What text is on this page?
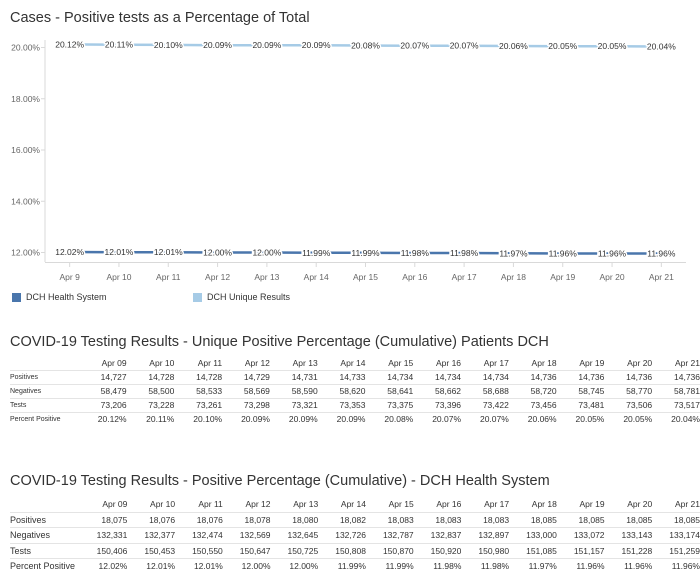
Cases - Positive tests as a Percentage of Total
12.00%
14.00%
16.00%
18.00%
20.00%
Apr 9	Apr 10	Apr 11	Apr 12	Apr 13	Apr 14	Apr 15	Apr 16	Apr 17	Apr 18	Apr 19	Apr 20	Apr 21
20.12% 20.11% 20.10% 20.09% 20.09% 20.09% 20.08% 20.07% 20.07% 20.06% 20.05% 20.05% 20.04%
12.02% 12.01% 12.01% 12.00% 12.00% 11.99% 11.99% 11.98% 11.98% 11.97% 11.96% 11.96% 11.96%
DCH Health System	DCH Unique Results
COVID-19 Testing Results - Unique Positive Percentage (Cumulative) Patients DCH
	Apr 09	Apr 10	Apr 11	Apr 12	Apr 13	Apr 14	Apr 15	Apr 16	Apr 17	Apr 18	Apr 19	Apr 20	Apr 21
Positives	14,727	14,728	14,728	14,729	14,731	14,733	14,734	14,734	14,734	14,736	14,736	14,736	14,736
Negatives	58,479	58,500	58,533	58,569	58,590	58,620	58,641	58,662	58,688	58,720	58,745	58,770	58,781
Tests	73,206	73,228	73,261	73,298	73,321	73,353	73,375	73,396	73,422	73,456	73,481	73,506	73,517
Percent Positive	20.12%	20.11%	20.10%	20.09%	20.09%	20.09%	20.08%	20.07%	20.07%	20.06%	20.05%	20.05%	20.04%
COVID-19 Testing Results - Positive Percentage (Cumulative) - DCH Health System
	Apr 09	Apr 10	Apr 11	Apr 12	Apr 13	Apr 14	Apr 15	Apr 16	Apr 17	Apr 18	Apr 19	Apr 20	Apr 21
Positives	18,075	18,076	18,076	18,078	18,080	18,082	18,083	18,083	18,083	18,085	18,085	18,085	18,085
Negatives	132,331	132,377	132,474	132,569	132,645	132,726	132,787	132,837	132,897	133,000	133,072	133,143	133,174
Tests	150,406	150,453	150,550	150,647	150,725	150,808	150,870	150,920	150,980	151,085	151,157	151,228	151,259
Percent Positive	12.02%	12.01%	12.01%	12.00%	12.00%	11.99%	11.99%	11.98%	11.98%	11.97%	11.96%	11.96%	11.96%
